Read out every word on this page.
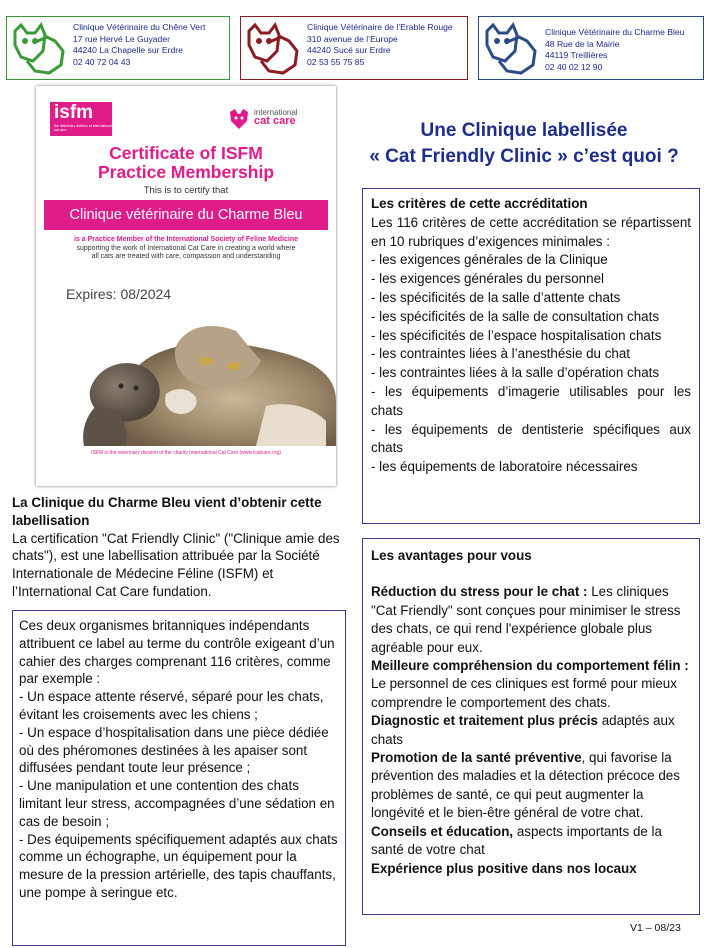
Clinique Vétérinaire du Chêne Vert
17 rue Hervé Le Guyader
44240 La Chapelle sur Erdre
02 40 72 04 43
Clinique Vétérinaire de l’Erable Rouge
310 avenue de l’Europe
44240 Sucé sur Erdre
02 53 55 75 85
Clinique Vétérinaire du Charme Bleu
48 Rue de la Mairie
44119 Treillières
02 40 02 12 90
isfm
the veterinary division of international cat care
international
cat care
Certificate of ISFM
Practice Membership
This is to certify that
Clinique vétérinaire du Charme Bleu
is a Practice Member of the International Society of Feline Medicine
supporting the work of International Cat Care in creating a world where
all cats are treated with care, compassion and understanding
Expires: 08/2024
ISFM is the veterinary division of the charity International Cat Care (www.icatcare.org)
Une Clinique labellisée
« Cat Friendly Clinic » c’est quoi ?
Les critères de cette accréditation
Les 116 critères de cette accréditation se répartissent en 10 rubriques d’exigences minimales :
- les exigences générales de la Clinique
- les exigences générales du personnel
- les spécificités de la salle d’attente chats
- les spécificités de la salle de consultation chats
- les spécificités de l’espace hospitalisation chats
- les contraintes liées à l’anesthésie du chat
- les contraintes liées à la salle d’opération chats
- les équipements d’imagerie utilisables pour les chats
- les équipements de dentisterie spécifiques aux chats
- les équipements de laboratoire nécessaires
La Clinique du Charme Bleu vient d’obtenir cette labellisation
La certification "Cat Friendly Clinic" ("Clinique amie des chats"), est une labellisation attribuée par la Société Internationale de Médecine Féline (ISFM) et l’International Cat Care fundation.
Ces deux organismes britanniques indépendants attribuent ce label au terme du contrôle exigeant d’un cahier des charges comprenant 116 critères, comme par exemple :
- Un espace attente réservé, séparé pour les chats, évitant les croisements avec les chiens ;
- Un espace d’hospitalisation dans une pièce dédiée où des phéromones destinées à les apaiser sont diffusées pendant toute leur présence ;
- Une manipulation et une contention des chats limitant leur stress, accompagnées d’une sédation en cas de besoin ;
- Des équipements spécifiquement adaptés aux chats comme un échographe, un équipement pour la mesure de la pression artérielle, des tapis chauffants, une pompe à seringue etc.
Les avantages pour vous

Réduction du stress pour le chat : Les cliniques "Cat Friendly" sont conçues pour minimiser le stress des chats, ce qui rend l'expérience globale plus agréable pour eux.

Meilleure compréhension du comportement félin : Le personnel de ces cliniques est formé pour mieux comprendre le comportement des chats.

Diagnostic et traitement plus précis adaptés aux chats

Promotion de la santé préventive, qui favorise la prévention des maladies et la détection précoce des problèmes de santé, ce qui peut augmenter la longévité et le bien-être général de votre chat.

Conseils et éducation, aspects importants de la santé de votre chat

Expérience plus positive dans nos locaux

V1 – 08/23
